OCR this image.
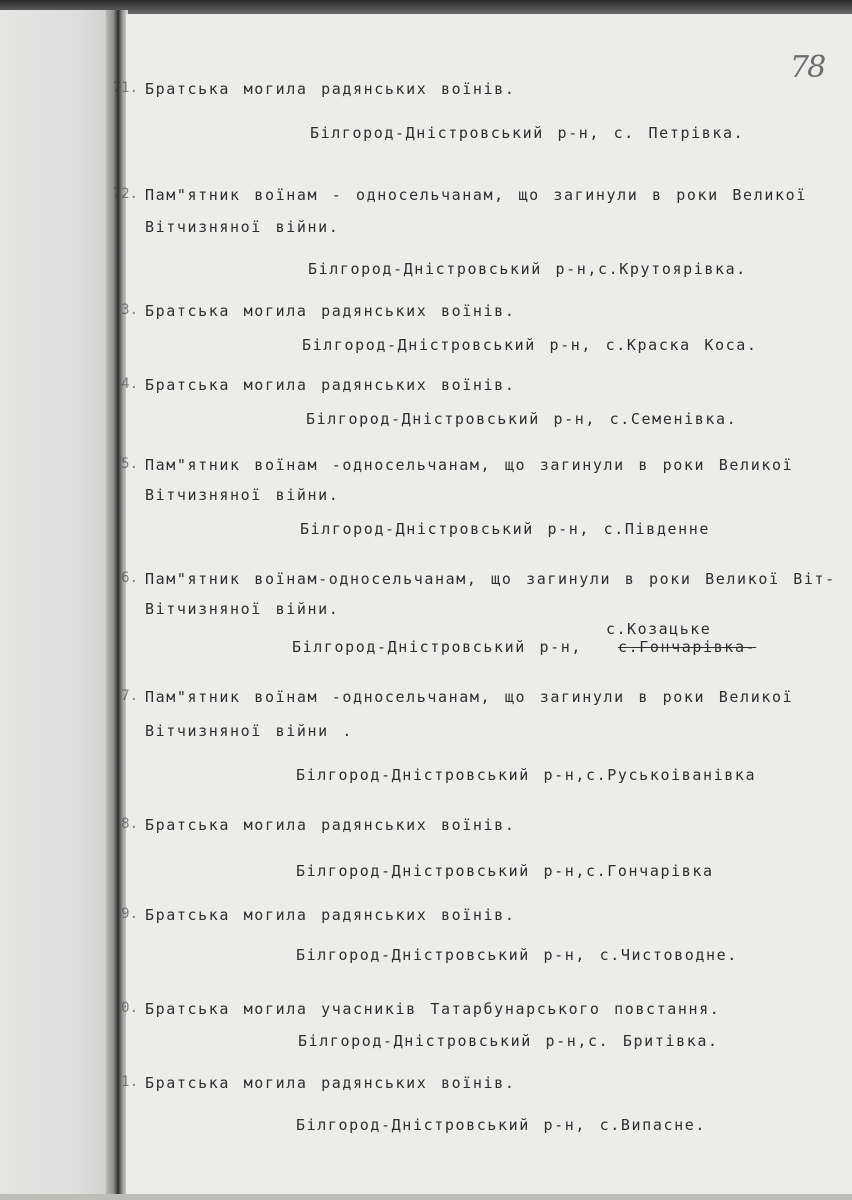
78
71. Братська могила радянських воїнів.
Білгород-Дністровський р-н, с. Петрівка.
72. Пам"ятник воїнам - односельчанам, що загинули в роки Великої
Вітчизняної війни.
Білгород-Дністровський р-н,с.Крутоярівка.
3. Братська могила радянських воїнів.
Білгород-Дністровський р-н, с.Краска Коса.
4. Братська могила радянських воїнів.
Білгород-Дністровський р-н, с.Семенівка.
5. Пам"ятник воїнам -односельчанам, що загинули в роки Великої
Вітчизняної війни.
Білгород-Дністровський р-н, с.Південне
6. Пам"ятник воїнам-односельчанам, що загинули в роки Великої Віт-
Вітчизняної війни.
с.Козацьке
Білгород-Дністровський р-н, с.Гончарівка-
7. Пам"ятник воїнам -односельчанам, що загинули в роки Великої
Вітчизняної війни .
Білгород-Дністровський р-н,с.Руськоіванівка
8. Братська могила радянських воїнів.
Білгород-Дністровський р-н,с.Гончарівка
9. Братська могила радянських воїнів.
Білгород-Дністровський р-н, с.Чистоводне.
0. Братська могила учасників Татарбунарського повстання.
Білгород-Дністровський р-н,с. Бритівка.
1. Братська могила радянських воїнів.
Білгород-Дністровський р-н, с.Випасне.
